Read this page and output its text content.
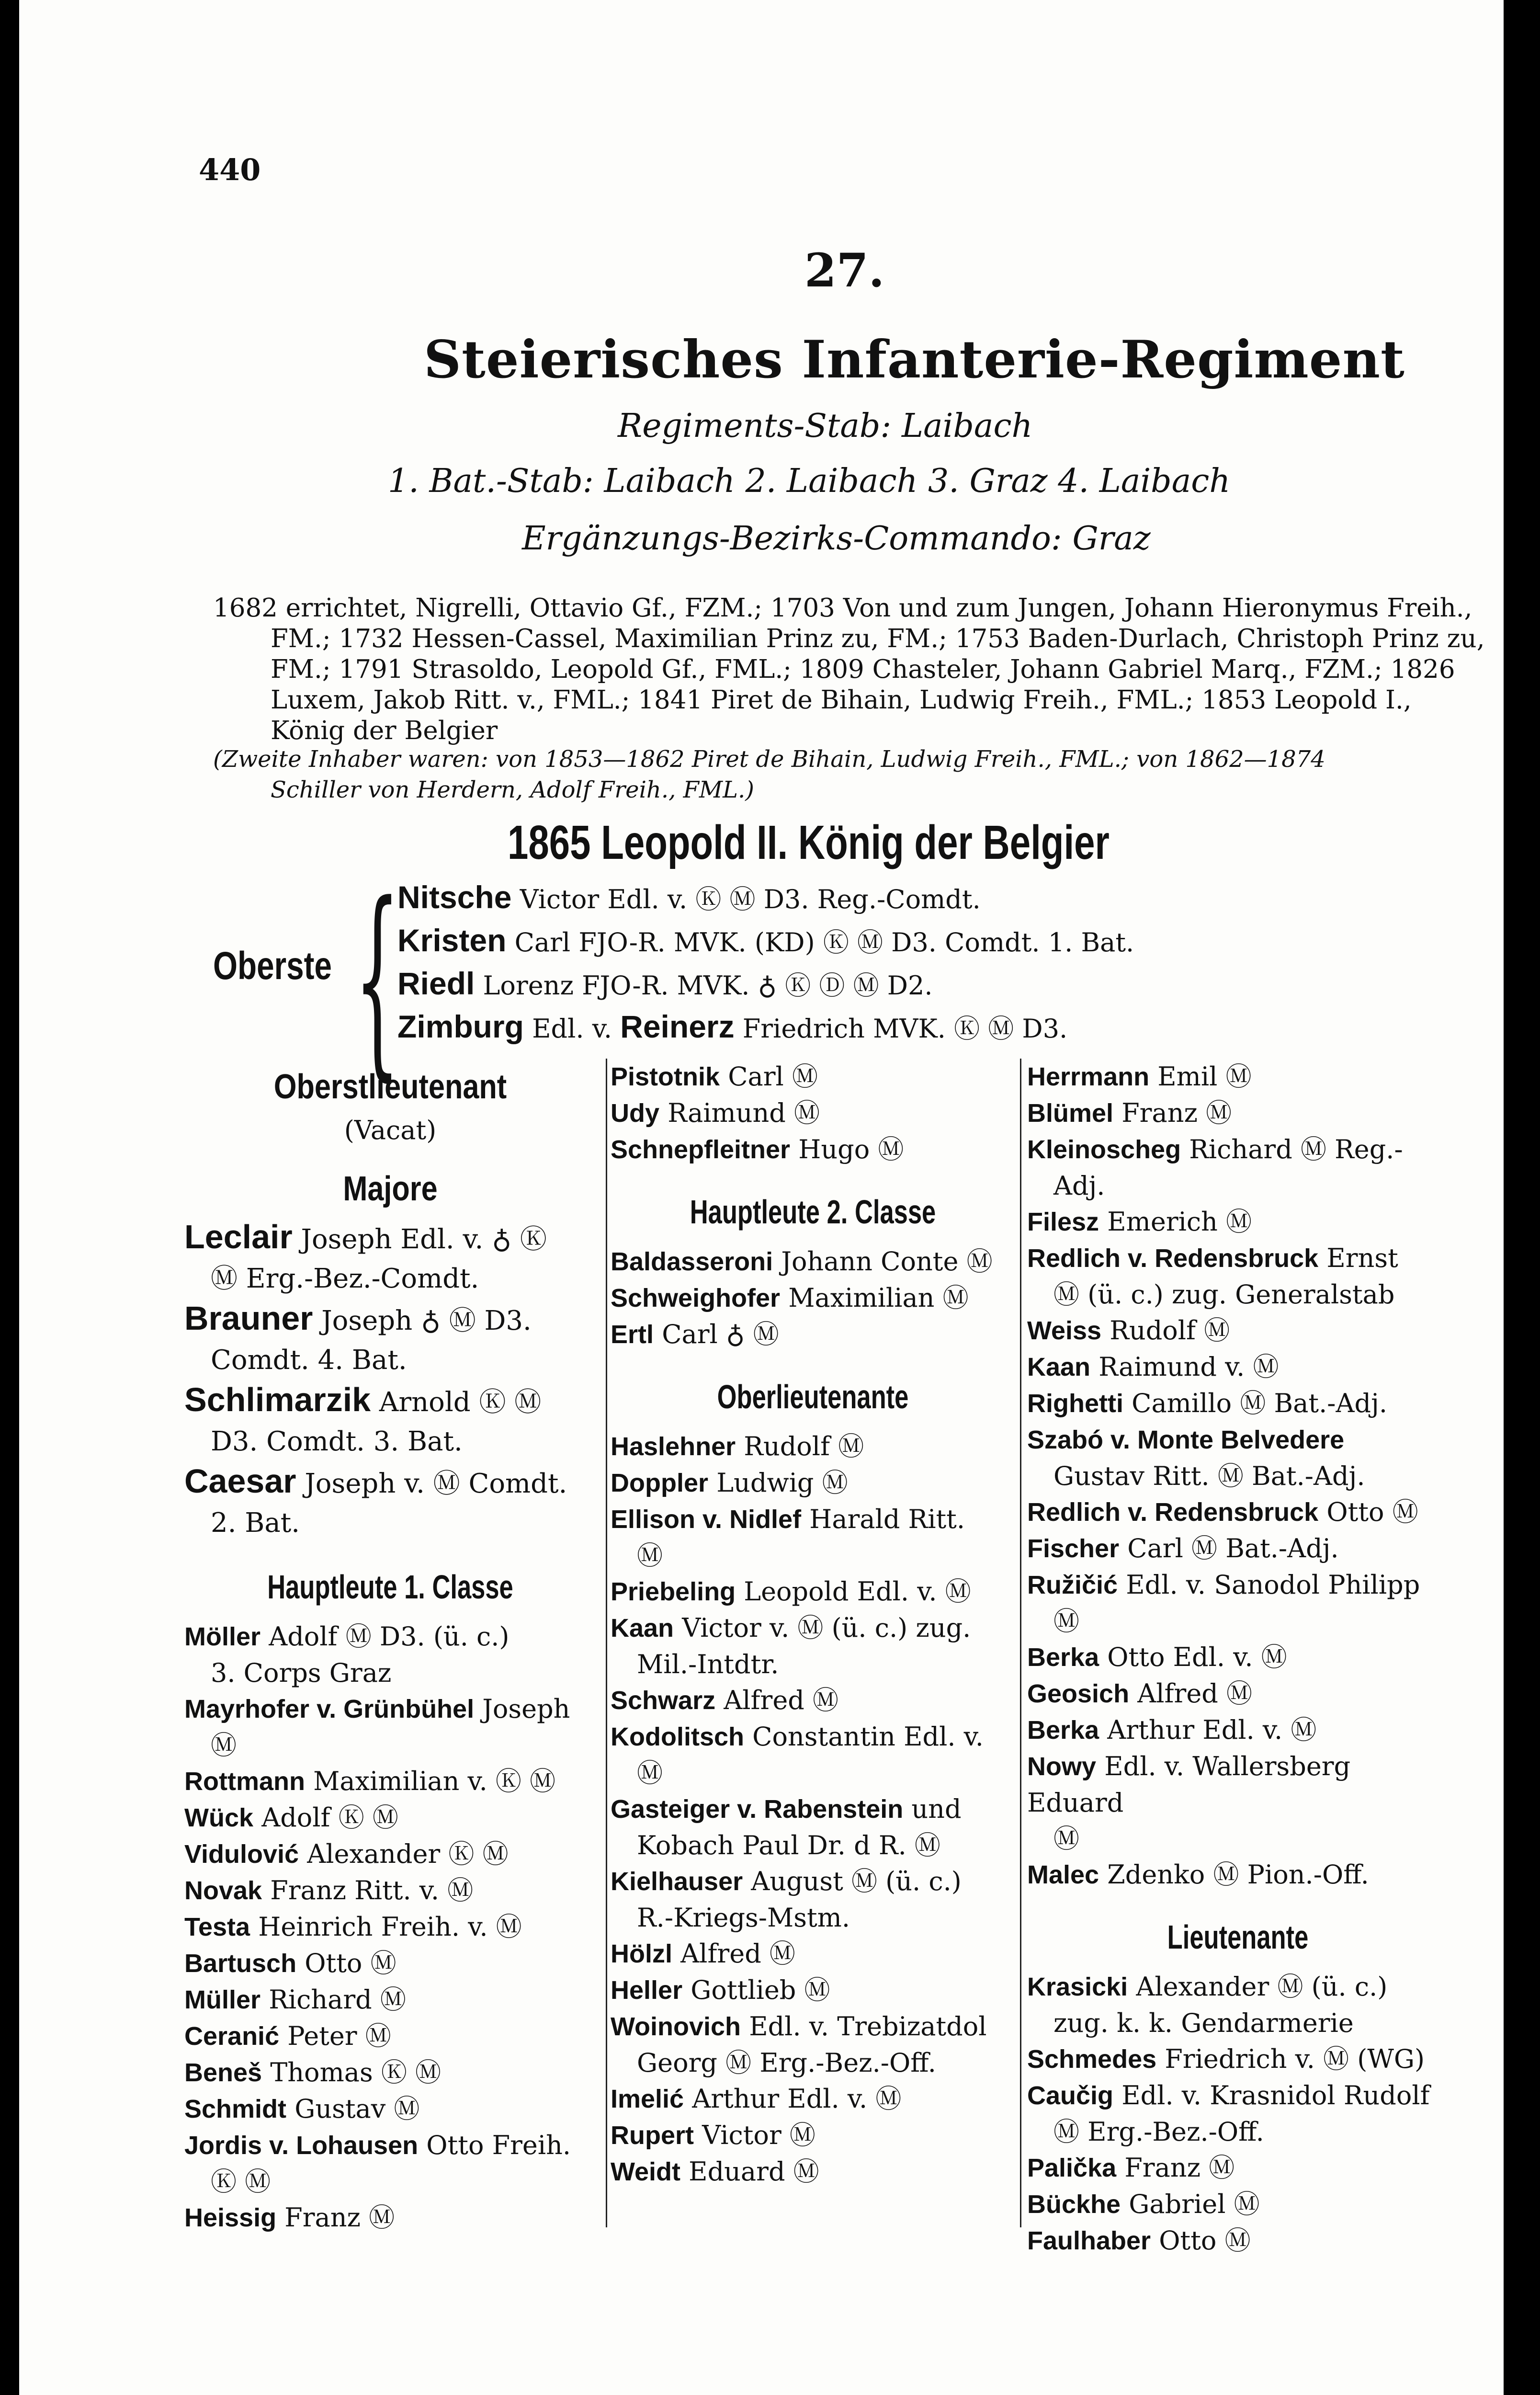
440
27.
Steierisches Infanterie-Regiment
Regiments-Stab: Laibach
1. Bat.-Stab: Laibach 2. Laibach 3. Graz 4. Laibach
Ergänzungs-Bezirks-Commando: Graz
1682 errichtet, Nigrelli, Ottavio Gf., FZM.; 1703 Von und zum Jungen, Johann Hieronymus Freih.,
FM.; 1732 Hessen-Cassel, Maximilian Prinz zu, FM.; 1753 Baden-Durlach, Christoph Prinz zu,
FM.; 1791 Strasoldo, Leopold Gf., FML.; 1809 Chasteler, Johann Gabriel Marq., FZM.; 1826
Luxem, Jakob Ritt. v., FML.; 1841 Piret de Bihain, Ludwig Freih., FML.; 1853 Leopold I.,
König der Belgier
(Zweite Inhaber waren: von 1853—1862 Piret de Bihain, Ludwig Freih., FML.; von 1862—1874
Schiller von Herdern, Adolf Freih., FML.)
1865 Leopold II. König der Belgier
Oberste {
Nitsche Victor Edl. v. Ⓚ Ⓜ D3. Reg.-Comdt.
Kristen Carl FJO-R. MVK. (KD) Ⓚ Ⓜ D3. Comdt. 1. Bat.
Riedl Lorenz FJO-R. MVK. ♁ Ⓚ Ⓓ Ⓜ D2.
Zimburg Edl. v. Reinerz Friedrich MVK. Ⓚ Ⓜ D3.
Oberstlieutenant
(Vacat)
Majore
Leclair Joseph Edl. v. ♁ Ⓚ
Ⓜ Erg.-Bez.-Comdt.
Brauner Joseph ♁ Ⓜ D3.
Comdt. 4. Bat.
Schlimarzik Arnold Ⓚ Ⓜ
D3. Comdt. 3. Bat.
Caesar Joseph v. Ⓜ Comdt.
2. Bat.
Hauptleute 1. Classe
Möller Adolf Ⓜ D3. (ü. c.)
3. Corps Graz
Mayrhofer v. Grünbühel Joseph
Ⓜ
Rottmann Maximilian v. Ⓚ Ⓜ
Wück Adolf Ⓚ Ⓜ
Vidulović Alexander Ⓚ Ⓜ
Novak Franz Ritt. v. Ⓜ
Testa Heinrich Freih. v. Ⓜ
Bartusch Otto Ⓜ
Müller Richard Ⓜ
Ceranić Peter Ⓜ
Beneš Thomas Ⓚ Ⓜ
Schmidt Gustav Ⓜ
Jordis v. Lohausen Otto Freih.
Ⓚ Ⓜ
Heissig Franz Ⓜ
Pistotnik Carl Ⓜ
Udy Raimund Ⓜ
Schnepfleitner Hugo Ⓜ
Hauptleute 2. Classe
Baldasseroni Johann Conte Ⓜ
Schweighofer Maximilian Ⓜ
Ertl Carl ♁ Ⓜ
Oberlieutenante
Haslehner Rudolf Ⓜ
Doppler Ludwig Ⓜ
Ellison v. Nidlef Harald Ritt.
Ⓜ
Priebeling Leopold Edl. v. Ⓜ
Kaan Victor v. Ⓜ (ü. c.) zug.
Mil.-Intdtr.
Schwarz Alfred Ⓜ
Kodolitsch Constantin Edl. v.
Ⓜ
Gasteiger v. Rabenstein und
Kobach Paul Dr. d R. Ⓜ
Kielhauser August Ⓜ (ü. c.)
R.-Kriegs-Mstm.
Hölzl Alfred Ⓜ
Heller Gottlieb Ⓜ
Woinovich Edl. v. Trebizatdol
Georg Ⓜ Erg.-Bez.-Off.
Imelić Arthur Edl. v. Ⓜ
Rupert Victor Ⓜ
Weidt Eduard Ⓜ
Herrmann Emil Ⓜ
Blümel Franz Ⓜ
Kleinoscheg Richard Ⓜ Reg.-
Adj.
Filesz Emerich Ⓜ
Redlich v. Redensbruck Ernst
Ⓜ (ü. c.) zug. Generalstab
Weiss Rudolf Ⓜ
Kaan Raimund v. Ⓜ
Righetti Camillo Ⓜ Bat.-Adj.
Szabó v. Monte Belvedere
Gustav Ritt. Ⓜ Bat.-Adj.
Redlich v. Redensbruck Otto Ⓜ
Fischer Carl Ⓜ Bat.-Adj.
Ružičić Edl. v. Sanodol Philipp
Ⓜ
Berka Otto Edl. v. Ⓜ
Geosich Alfred Ⓜ
Berka Arthur Edl. v. Ⓜ
Nowy Edl. v. Wallersberg Eduard
Ⓜ
Malec Zdenko Ⓜ Pion.-Off.
Lieutenante
Krasicki Alexander Ⓜ (ü. c.)
zug. k. k. Gendarmerie
Schmedes Friedrich v. Ⓜ (WG)
Caučig Edl. v. Krasnidol Rudolf
Ⓜ Erg.-Bez.-Off.
Palička Franz Ⓜ
Bückhe Gabriel Ⓜ
Faulhaber Otto Ⓜ
